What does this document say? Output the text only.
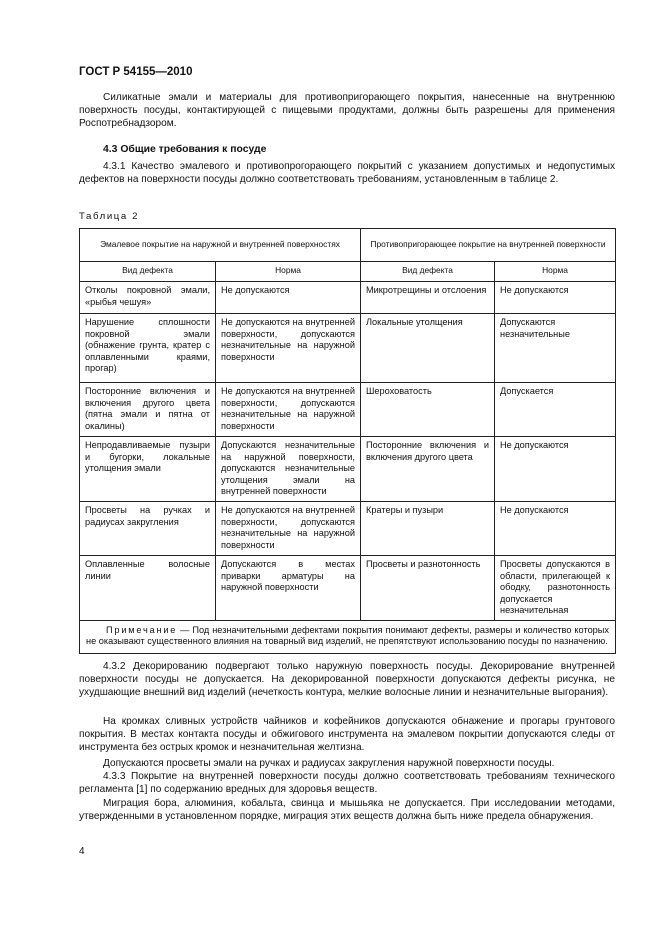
ГОСТ Р 54155—2010

Силикатные эмали и материалы для противопригорающего покрытия, нанесенные на внутреннюю поверхность посуды, контактирующей с пищевыми продуктами, должны быть разрешены для применения Роспотребнадзором.

4.3 Общие требования к посуде

4.3.1 Качество эмалевого и противопрогорающего покрытий с указанием допустимых и недопустимых дефектов на поверхности посуды должно соответствовать требованиям, установленным в таблице 2.

Таблица 2
Эмалевое покрытие на наружной и внутренней поверхностях		Противопригорающее покрытие на внутренней поверхности	
Вид дефекта	Норма	Вид дефекта	Норма
Отколы покровной эмали, «рыбья чешуя»	Не допускаются	Микротрещины и отслоения	Не допускаются
Нарушение сплошности покровной эмали (обнажение грунта, кратер с оплавленными краями, прогар)	Не допускаются на внутренней поверхности, допускаются незначительные на наружной поверхности	Локальные утолщения	Допускаются незначительные
Посторонние включения и включения другого цвета (пятна эмали и пятна от окалины)	Не допускаются на внутренней поверхности, допускаются незначительные на наружной поверхности	Шероховатость	Допускается
Непродавливаемые пузыри и бугорки, локальные утолщения эмали	Допускаются незначительные на наружной поверхности, допускаются незначительные утолщения эмали на внутренней поверхности	Посторонние включения и включения другого цвета	Не допускаются
Просветы на ручках и радиусах закругления	Не допускаются на внутренней поверхности, допускаются незначительные на наружной поверхности	Кратеры и пузыри	Не допускаются
Оплавленные волосные линии	Допускаются в местах приварки арматуры на наружной поверхности	Просветы и разнотонность	Просветы допускаются в области, прилегающей к ободку, разнотонность допускается незначительная
Примечание — Под незначительными дефектами покрытия понимают дефекты, размеры и количество которых не оказывают существенного влияния на товарный вид изделий, не препятствуют использованию посуды по назначению.			

4.3.2 Декорированию подвергают только наружную поверхность посуды. Декорирование внутренней поверхности посуды не допускается. На декорированной поверхности допускаются дефекты рисунка, не ухудшающие внешний вид изделий (нечеткость контура, мелкие волосные линии и незначительные выгорания).

На кромках сливных устройств чайников и кофейников допускаются обнажение и прогары грунтового покрытия. В местах контакта посуды и обжигового инструмента на эмалевом покрытии допускаются следы от инструмента без острых кромок и незначительная желтизна.

Допускаются просветы эмали на ручках и радиусах закругления наружной поверхности посуды.

4.3.3 Покрытие на внутренней поверхности посуды должно соответствовать требованиям технического регламента [1] по содержанию вредных для здоровья веществ.

Миграция бора, алюминия, кобальта, свинца и мышьяка не допускается. При исследовании методами, утвержденными в установленном порядке, миграция этих веществ должна быть ниже предела обнаружения.

4
